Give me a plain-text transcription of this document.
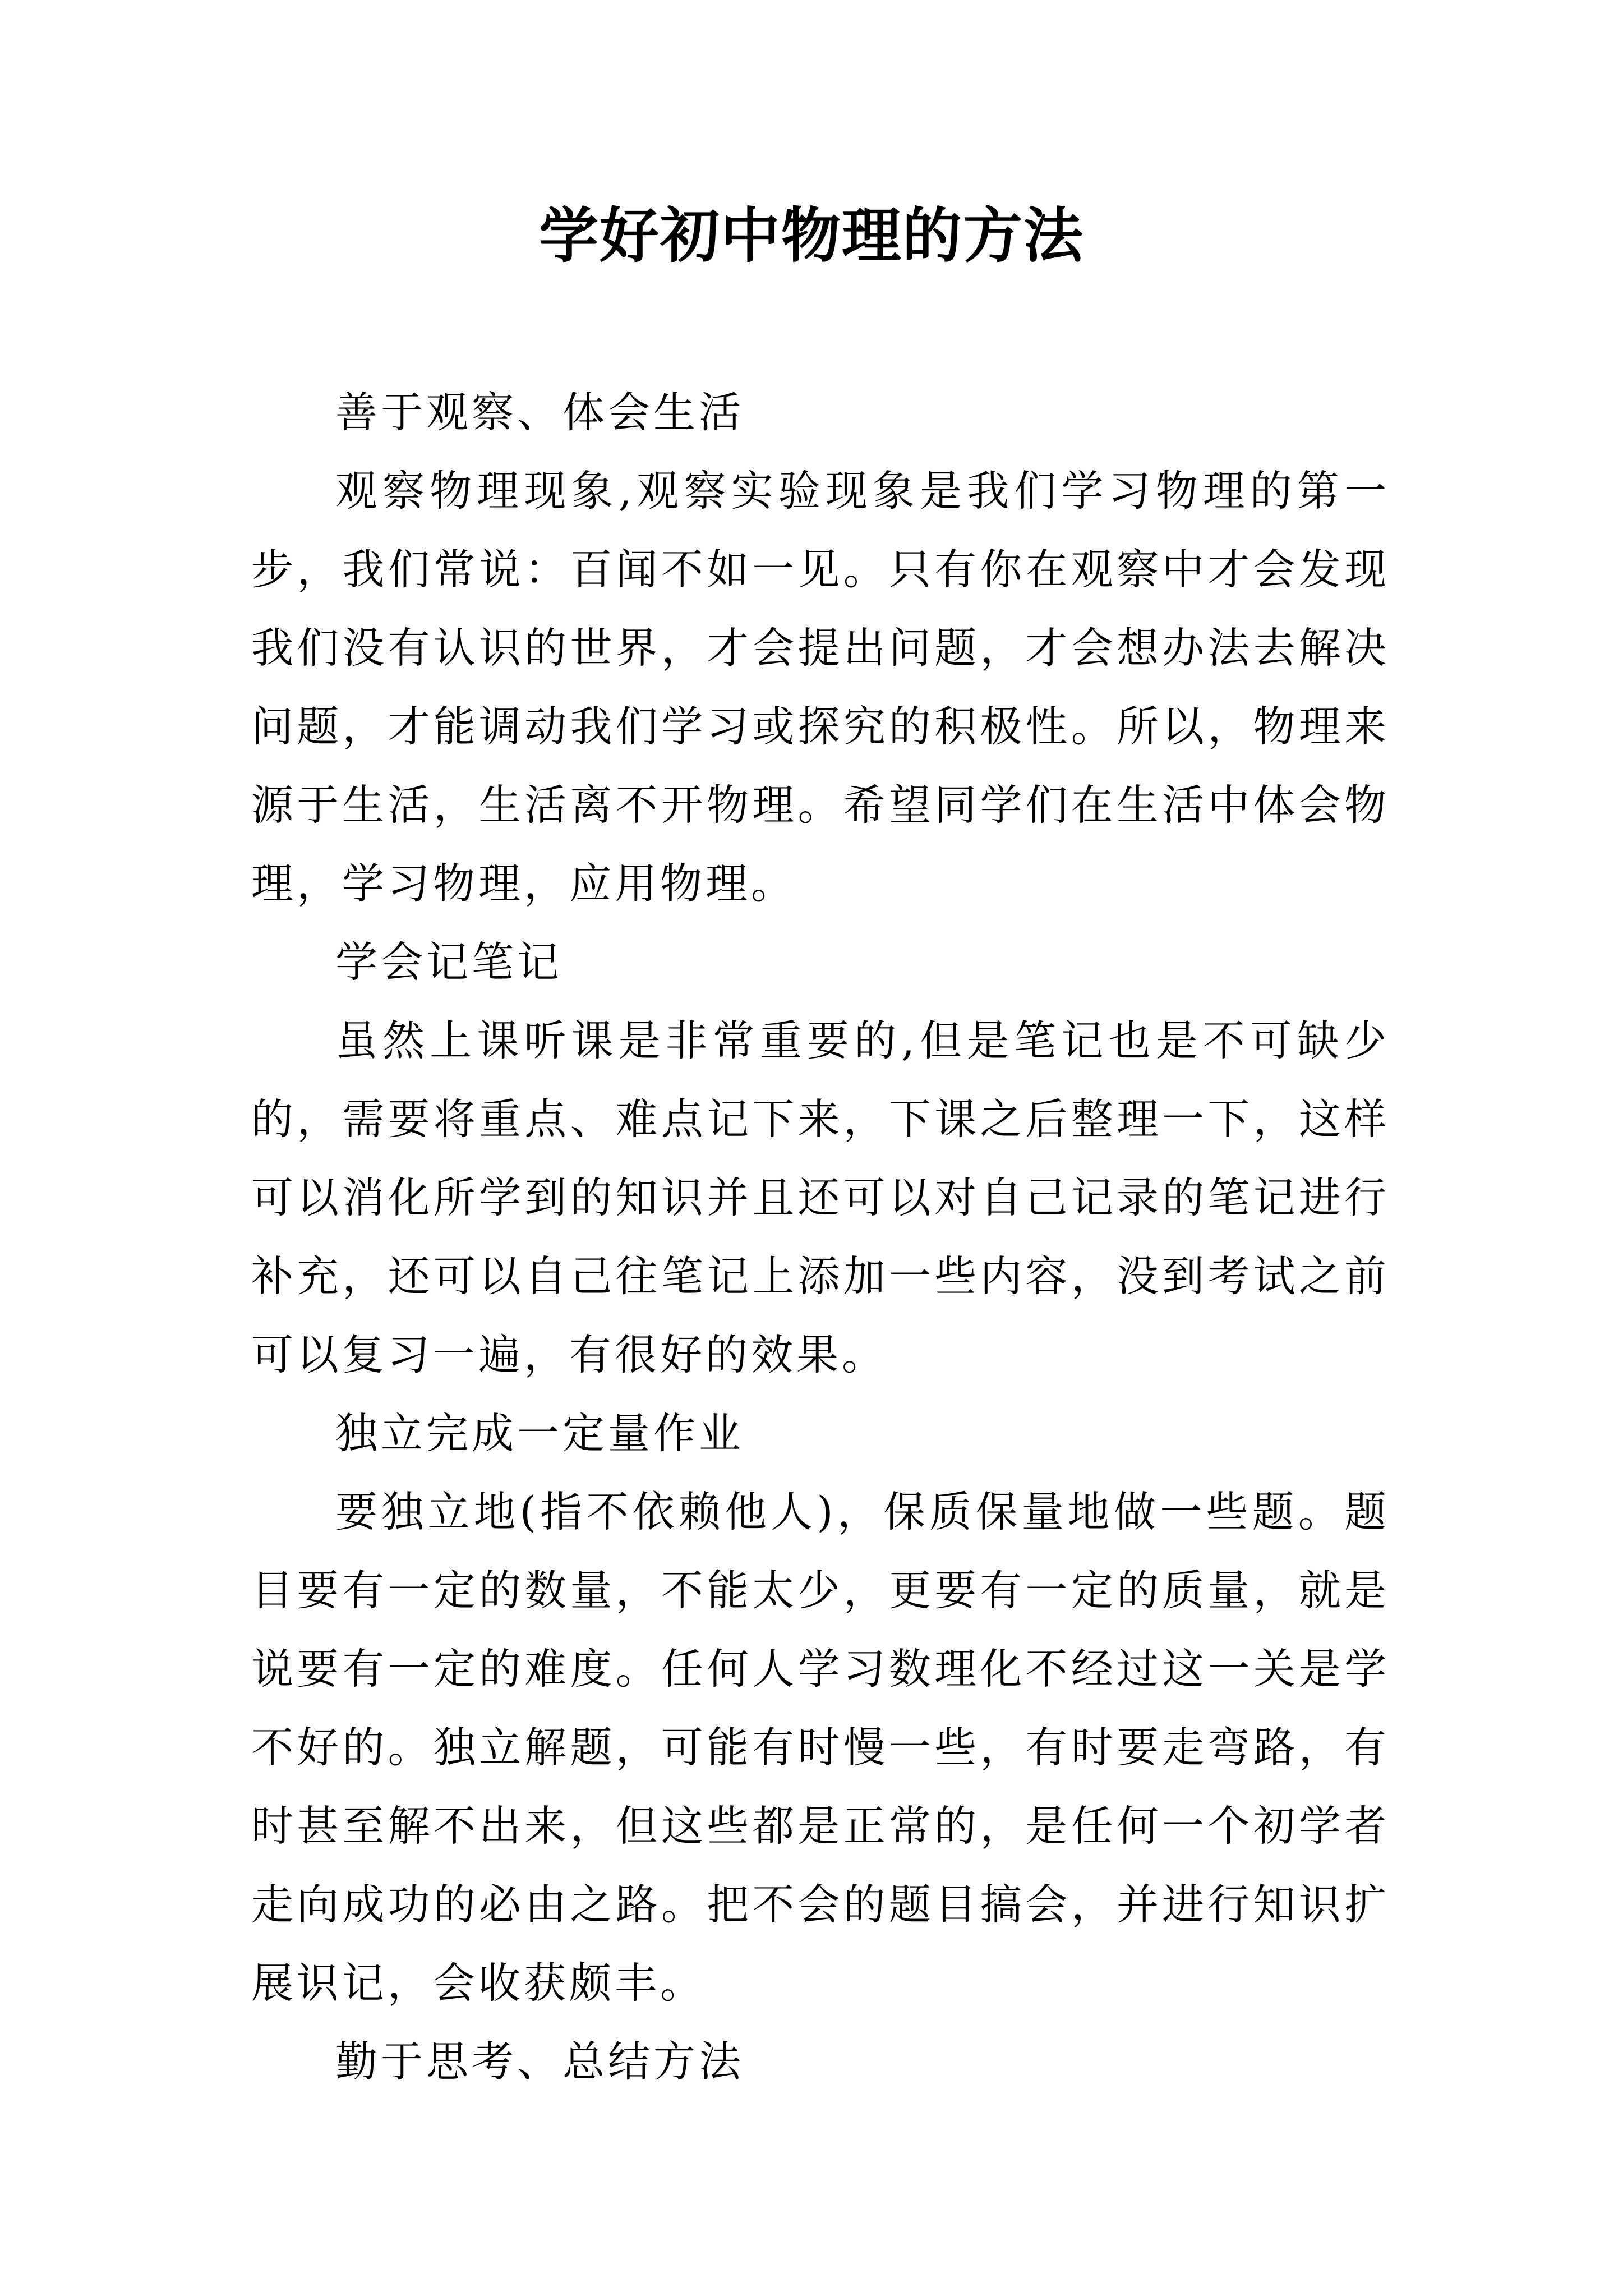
学好初中物理的方法

善于观察、体会生活

观察物理现象,观察实验现象是我们学习物理的第一步，我们常说：百闻不如一见。只有你在观察中才会发现我们没有认识的世界，才会提出问题，才会想办法去解决问题，才能调动我们学习或探究的积极性。所以，物理来源于生活，生活离不开物理。希望同学们在生活中体会物理，学习物理，应用物理。

学会记笔记

虽然上课听课是非常重要的,但是笔记也是不可缺少的，需要将重点、难点记下来，下课之后整理一下，这样可以消化所学到的知识并且还可以对自己记录的笔记进行补充，还可以自己往笔记上添加一些内容，没到考试之前可以复习一遍，有很好的效果。

独立完成一定量作业

要独立地(指不依赖他人)，保质保量地做一些题。题目要有一定的数量，不能太少，更要有一定的质量，就是说要有一定的难度。任何人学习数理化不经过这一关是学不好的。独立解题，可能有时慢一些，有时要走弯路，有时甚至解不出来，但这些都是正常的，是任何一个初学者走向成功的必由之路。把不会的题目搞会，并进行知识扩展识记，会收获颇丰。

勤于思考、总结方法
